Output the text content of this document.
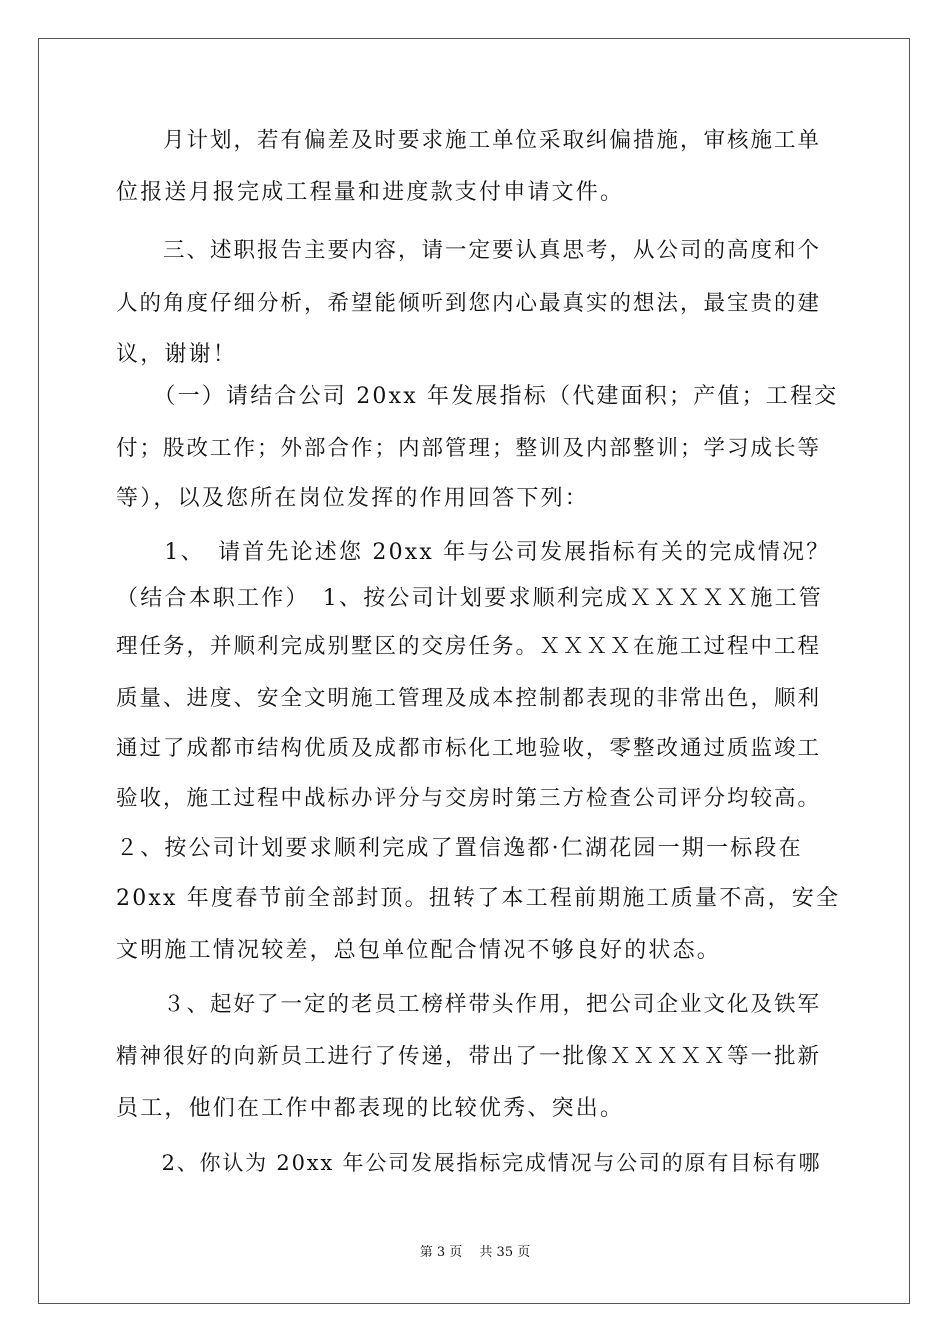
　　月计划，若有偏差及时要求施工单位采取纠偏措施，审核施工单
位报送月报完成工程量和进度款支付申请文件。
　　三、述职报告主要内容，请一定要认真思考，从公司的高度和个
人的角度仔细分析，希望能倾听到您内心最真实的想法，最宝贵的建
议，谢谢！
　　（一）请结合公司 20xx 年发展指标（代建面积；产值；工程交
付；股改工作；外部合作；内部管理；整训及内部整训；学习成长等
等），以及您所在岗位发挥的作用回答下列：
　　1、　请首先论述您 20xx 年与公司发展指标有关的完成情况？
（结合本职工作）　1、按公司计划要求顺利完成ＸＸＸＸＸ施工管
理任务，并顺利完成别墅区的交房任务。ＸＸＸＸ在施工过程中工程
质量、进度、安全文明施工管理及成本控制都表现的非常出色，顺利
通过了成都市结构优质及成都市标化工地验收，零整改通过质监竣工
验收，施工过程中战标办评分与交房时第三方检查公司评分均较高。
２、按公司计划要求顺利完成了置信逸都·仁湖花园一期一标段在
20xx 年度春节前全部封顶。扭转了本工程前期施工质量不高，安全
文明施工情况较差，总包单位配合情况不够良好的状态。
　　３、起好了一定的老员工榜样带头作用，把公司企业文化及铁军
精神很好的向新员工进行了传递，带出了一批像ＸＸＸＸＸ等一批新
员工，他们在工作中都表现的比较优秀、突出。
　　2、你认为 20xx 年公司发展指标完成情况与公司的原有目标有哪
第 3 页　 共 35 页
